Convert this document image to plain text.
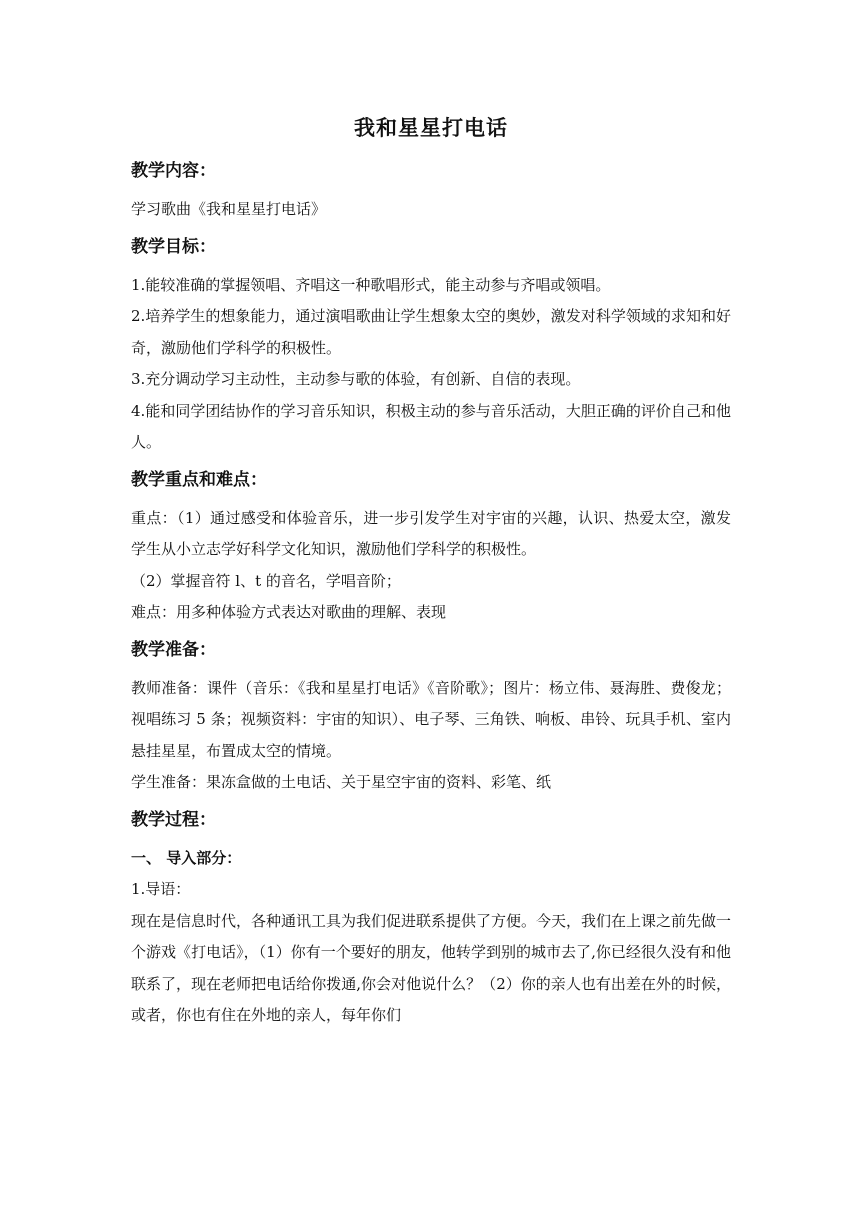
我和星星打电话
教学内容：

学习歌曲《我和星星打电话》

教学目标：

1.能较准确的掌握领唱、齐唱这一种歌唱形式，能主动参与齐唱或领唱。

2.培养学生的想象能力，通过演唱歌曲让学生想象太空的奥妙，激发对科学领域的求知和好奇，激励他们学科学的积极性。

3.充分调动学习主动性，主动参与歌的体验，有创新、自信的表现。

4.能和同学团结协作的学习音乐知识，积极主动的参与音乐活动，大胆正确的评价自己和他人。

教学重点和难点：

重点：（1）通过感受和体验音乐，进一步引发学生对宇宙的兴趣，认识、热爱太空，激发学生从小立志学好科学文化知识，激励他们学科学的积极性。

（2）掌握音符 l、t 的音名，学唱音阶；

难点：用多种体验方式表达对歌曲的理解、表现

教学准备：

教师准备：课件（音乐：《我和星星打电话》《音阶歌》；图片：杨立伟、聂海胜、费俊龙；视唱练习 5 条；视频资料：宇宙的知识）、电子琴、三角铁、响板、串铃、玩具手机、室内悬挂星星，布置成太空的情境。

学生准备：果冻盒做的土电话、关于星空宇宙的资料、彩笔、纸

教学过程：
一、 导入部分：

1.导语：

现在是信息时代，各种通讯工具为我们促进联系提供了方便。今天，我们在上课之前先做一个游戏《打电话》，（1）你有一个要好的朋友，他转学到别的城市去了,你已经很久没有和他联系了，现在老师把电话给你拨通,你会对他说什么？（2）你的亲人也有出差在外的时候，或者，你也有住在外地的亲人，每年你们
